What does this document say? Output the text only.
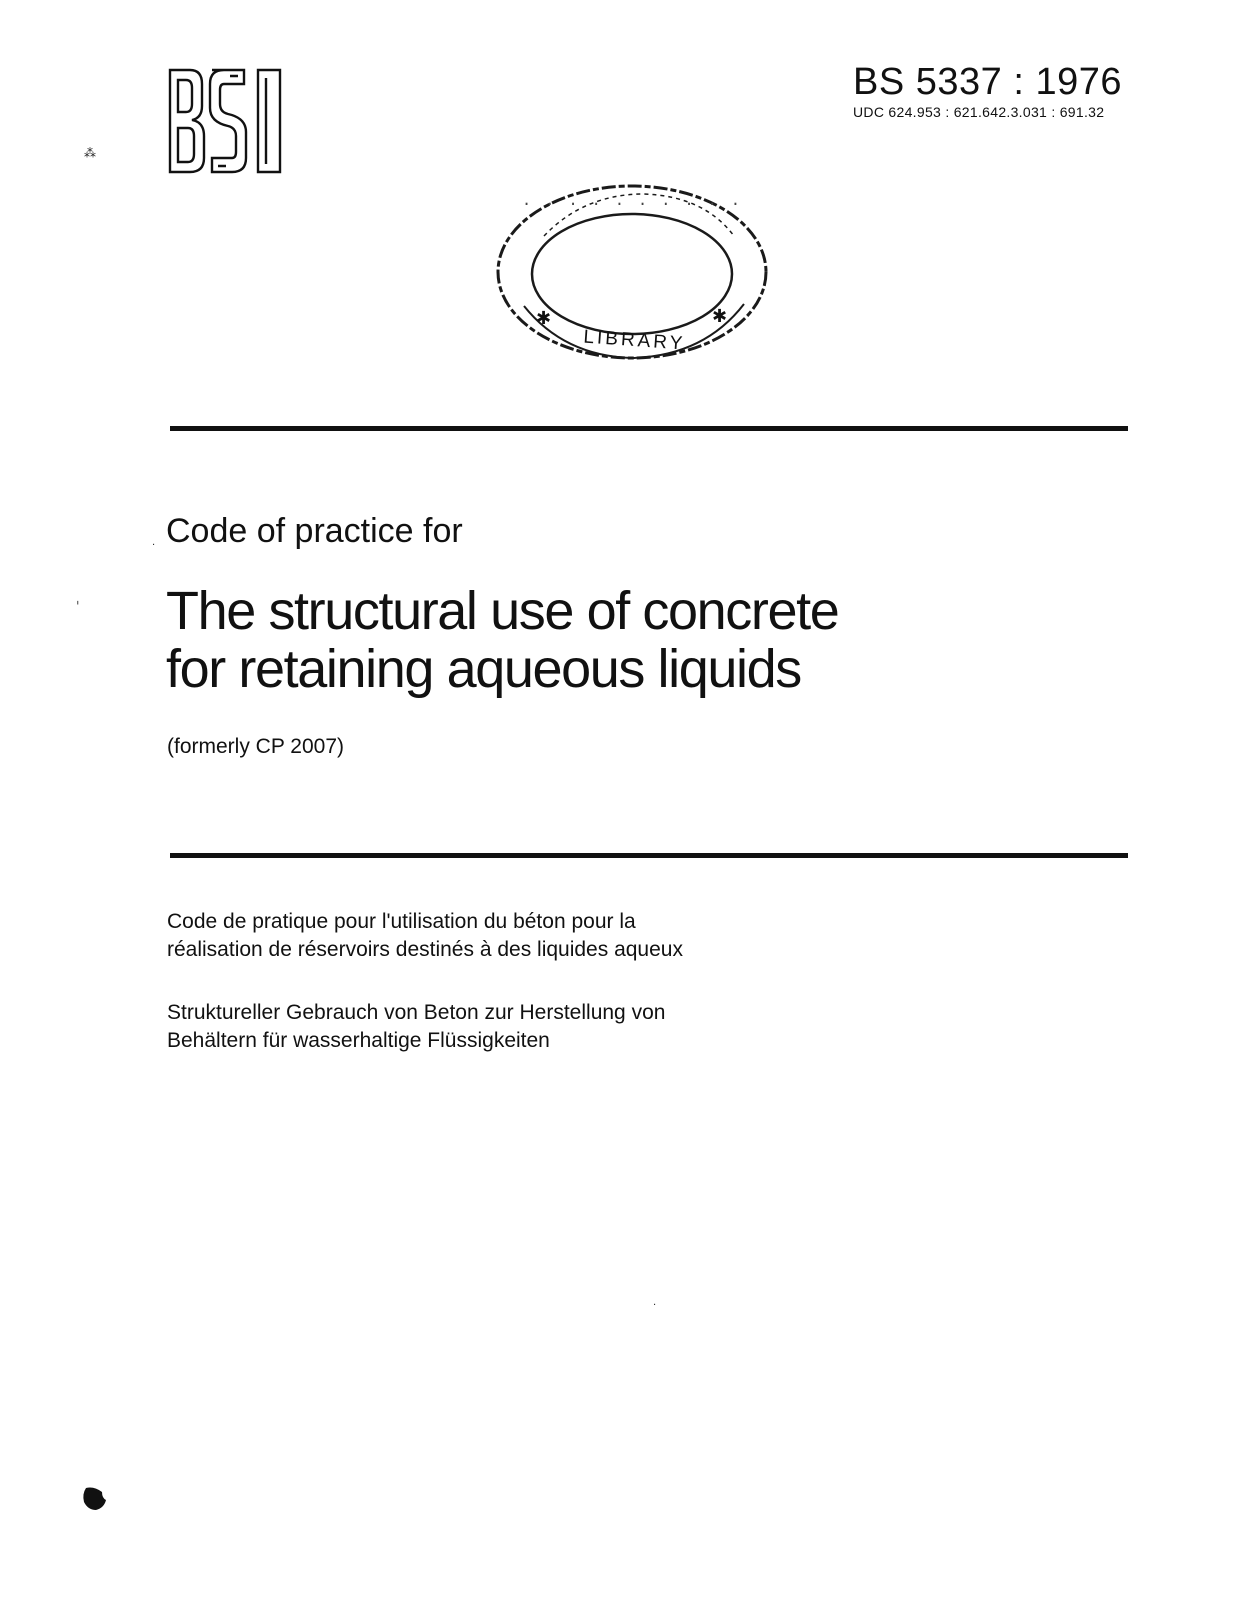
BS 5337 : 1976
UDC 624.953 : 621.642.3.031 : 691.32
· · · · · · · · · ·
✱	✱
LIBRARY
Code of practice for
The structural use of concrete
for retaining aqueous liquids
(formerly CP 2007)
Code de pratique pour l'utilisation du béton pour la
réalisation de réservoirs destinés à des liquides aqueux
Struktureller Gebrauch von Beton zur Herstellung von
Behältern für wasserhaltige Flüssigkeiten
⁂
·
ˈ
·
